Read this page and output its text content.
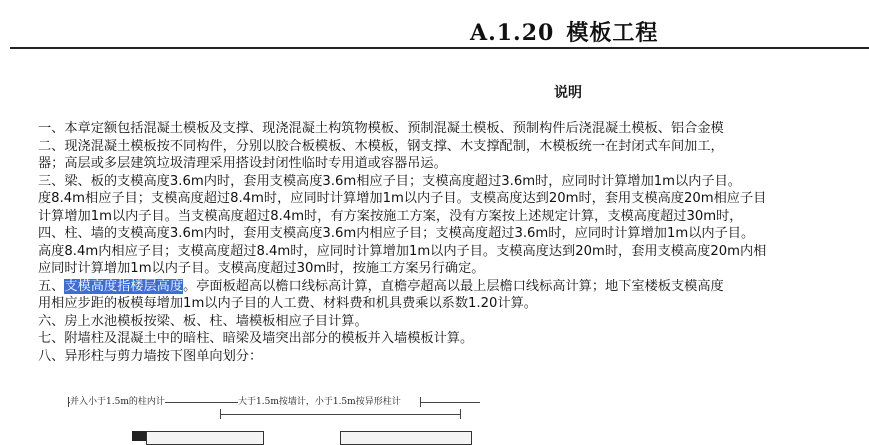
A.1.20 模板工程
说明
一、本章定额包括混凝土模板及支撑、现浇混凝土构筑物模板、预制混凝土模板、预制构件后浇混凝土模板、铝合金模
二、现浇混凝土模板按不同构件，分别以胶合板模板、木模板，钢支撑、木支撑配制，木模板统一在封闭式车间加工，
器；高层或多层建筑垃圾清理采用搭设封闭性临时专用道或容器吊运。
三、梁、板的支模高度3.6m内时，套用支模高度3.6m相应子目；支模高度超过3.6m时，应同时计算增加1m以内子目。
度8.4m相应子目；支模高度超过8.4m时，应同时计算增加1m以内子目。支模高度达到20m时，套用支模高度20m相应子目
计算增加1m以内子目。当支模高度超过8.4m时，有方案按施工方案，没有方案按上述规定计算，支模高度超过30m时，
四、柱、墙的支模高度3.6m内时，套用支模高度3.6m内相应子目；支模高度超过3.6m时，应同时计算增加1m以内子目。
高度8.4m内相应子目；支模高度超过8.4m时，应同时计算增加1m以内子目。支模高度达到20m时，套用支模高度20m内相
应同时计算增加1m以内子目。支模高度超过30m时，按施工方案另行确定。
五、支模高度指楼层高度。亭面板超高以檐口线标高计算，直檐亭超高以最上层檐口线标高计算；地下室楼板支模高度
用相应步距的板模每增加1m以内子目的人工费、材料费和机具费乘以系数1.20计算。
六、房上水池模板按梁、板、柱、墙模板相应子目计算。
七、附墙柱及混凝土中的暗柱、暗梁及墙突出部分的模板并入墙模板计算。
八、异形柱与剪力墙按下图单向划分：
并入小于1.5m的柱内计	大于1.5m按墙计，小于1.5m按异形柱计
